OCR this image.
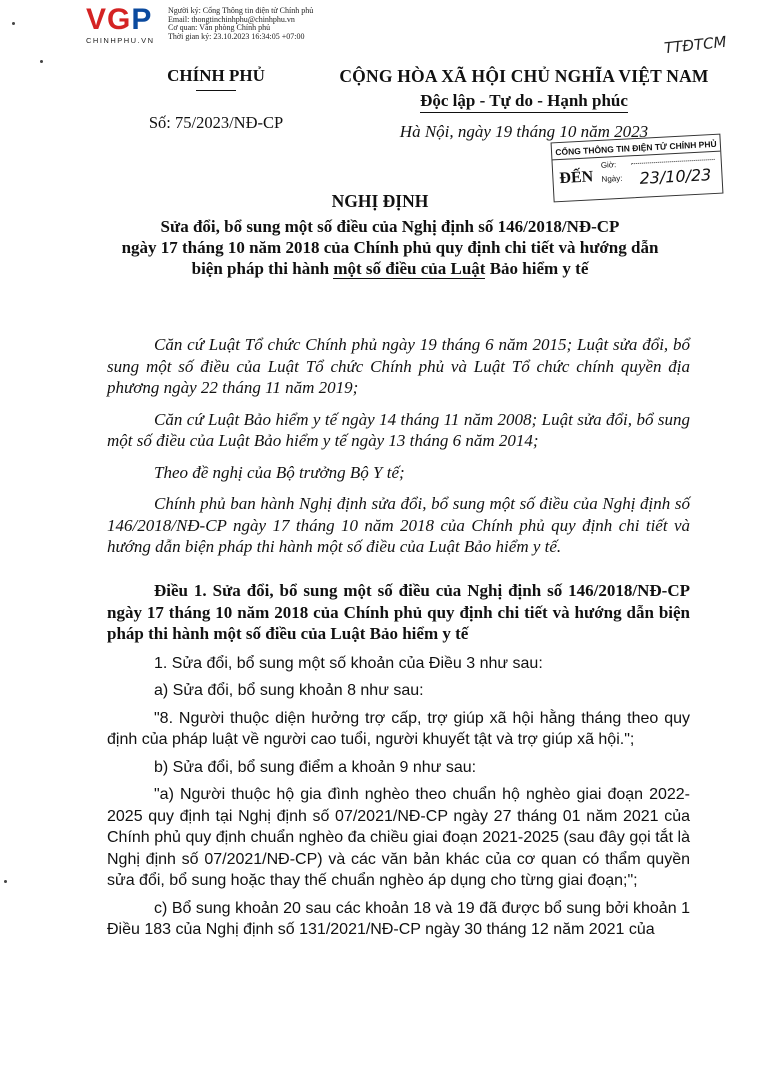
VGP
CHINHPHU.VN
Người ký: Cổng Thông tin điện tử Chính phủ
Email: thongtinchinhphu@chinhphu.vn
Cơ quan: Văn phòng Chính phủ
Thời gian ký: 23.10.2023 16:34:05 +07:00	TTĐTCM
CHÍNH PHỦ
Số: 75/2023/NĐ-CP
CỘNG HÒA XÃ HỘI CHỦ NGHĨA VIỆT NAM
Độc lập - Tự do - Hạnh phúc
Hà Nội, ngày 19 tháng 10 năm 2023
CỔNG THÔNG TIN ĐIỆN TỬ CHÍNH PHỦ
ĐẾN
Giờ:
Ngày: 23/10/23
NGHỊ ĐỊNH
Sửa đổi, bổ sung một số điều của Nghị định số 146/2018/NĐ-CP
ngày 17 tháng 10 năm 2018 của Chính phủ quy định chi tiết và hướng dẫn
biện pháp thi hành một số điều của Luật Bảo hiểm y tế

Căn cứ Luật Tổ chức Chính phủ ngày 19 tháng 6 năm 2015; Luật sửa đổi, bổ sung một số điều của Luật Tổ chức Chính phủ và Luật Tổ chức chính quyền địa phương ngày 22 tháng 11 năm 2019;

Căn cứ Luật Bảo hiểm y tế ngày 14 tháng 11 năm 2008; Luật sửa đổi, bổ sung một số điều của Luật Bảo hiểm y tế ngày 13 tháng 6 năm 2014;

Theo đề nghị của Bộ trưởng Bộ Y tế;

Chính phủ ban hành Nghị định sửa đổi, bổ sung một số điều của Nghị định số 146/2018/NĐ-CP ngày 17 tháng 10 năm 2018 của Chính phủ quy định chi tiết và hướng dẫn biện pháp thi hành một số điều của Luật Bảo hiểm y tế.

Điều 1. Sửa đổi, bổ sung một số điều của Nghị định số 146/2018/NĐ-CP ngày 17 tháng 10 năm 2018 của Chính phủ quy định chi tiết và hướng dẫn biện pháp thi hành một số điều của Luật Bảo hiểm y tế

1. Sửa đổi, bổ sung một số khoản của Điều 3 như sau:

a) Sửa đổi, bổ sung khoản 8 như sau:

"8. Người thuộc diện hưởng trợ cấp, trợ giúp xã hội hằng tháng theo quy định của pháp luật về người cao tuổi, người khuyết tật và trợ giúp xã hội.";

b) Sửa đổi, bổ sung điểm a khoản 9 như sau:

"a) Người thuộc hộ gia đình nghèo theo chuẩn hộ nghèo giai đoạn 2022-2025 quy định tại Nghị định số 07/2021/NĐ-CP ngày 27 tháng 01 năm 2021 của Chính phủ quy định chuẩn nghèo đa chiều giai đoạn 2021-2025 (sau đây gọi tắt là Nghị định số 07/2021/NĐ-CP) và các văn bản khác của cơ quan có thẩm quyền sửa đổi, bổ sung hoặc thay thế chuẩn nghèo áp dụng cho từng giai đoạn;";

c) Bổ sung khoản 20 sau các khoản 18 và 19 đã được bổ sung bởi khoản 1 Điều 183 của Nghị định số 131/2021/NĐ-CP ngày 30 tháng 12 năm 2021 của
